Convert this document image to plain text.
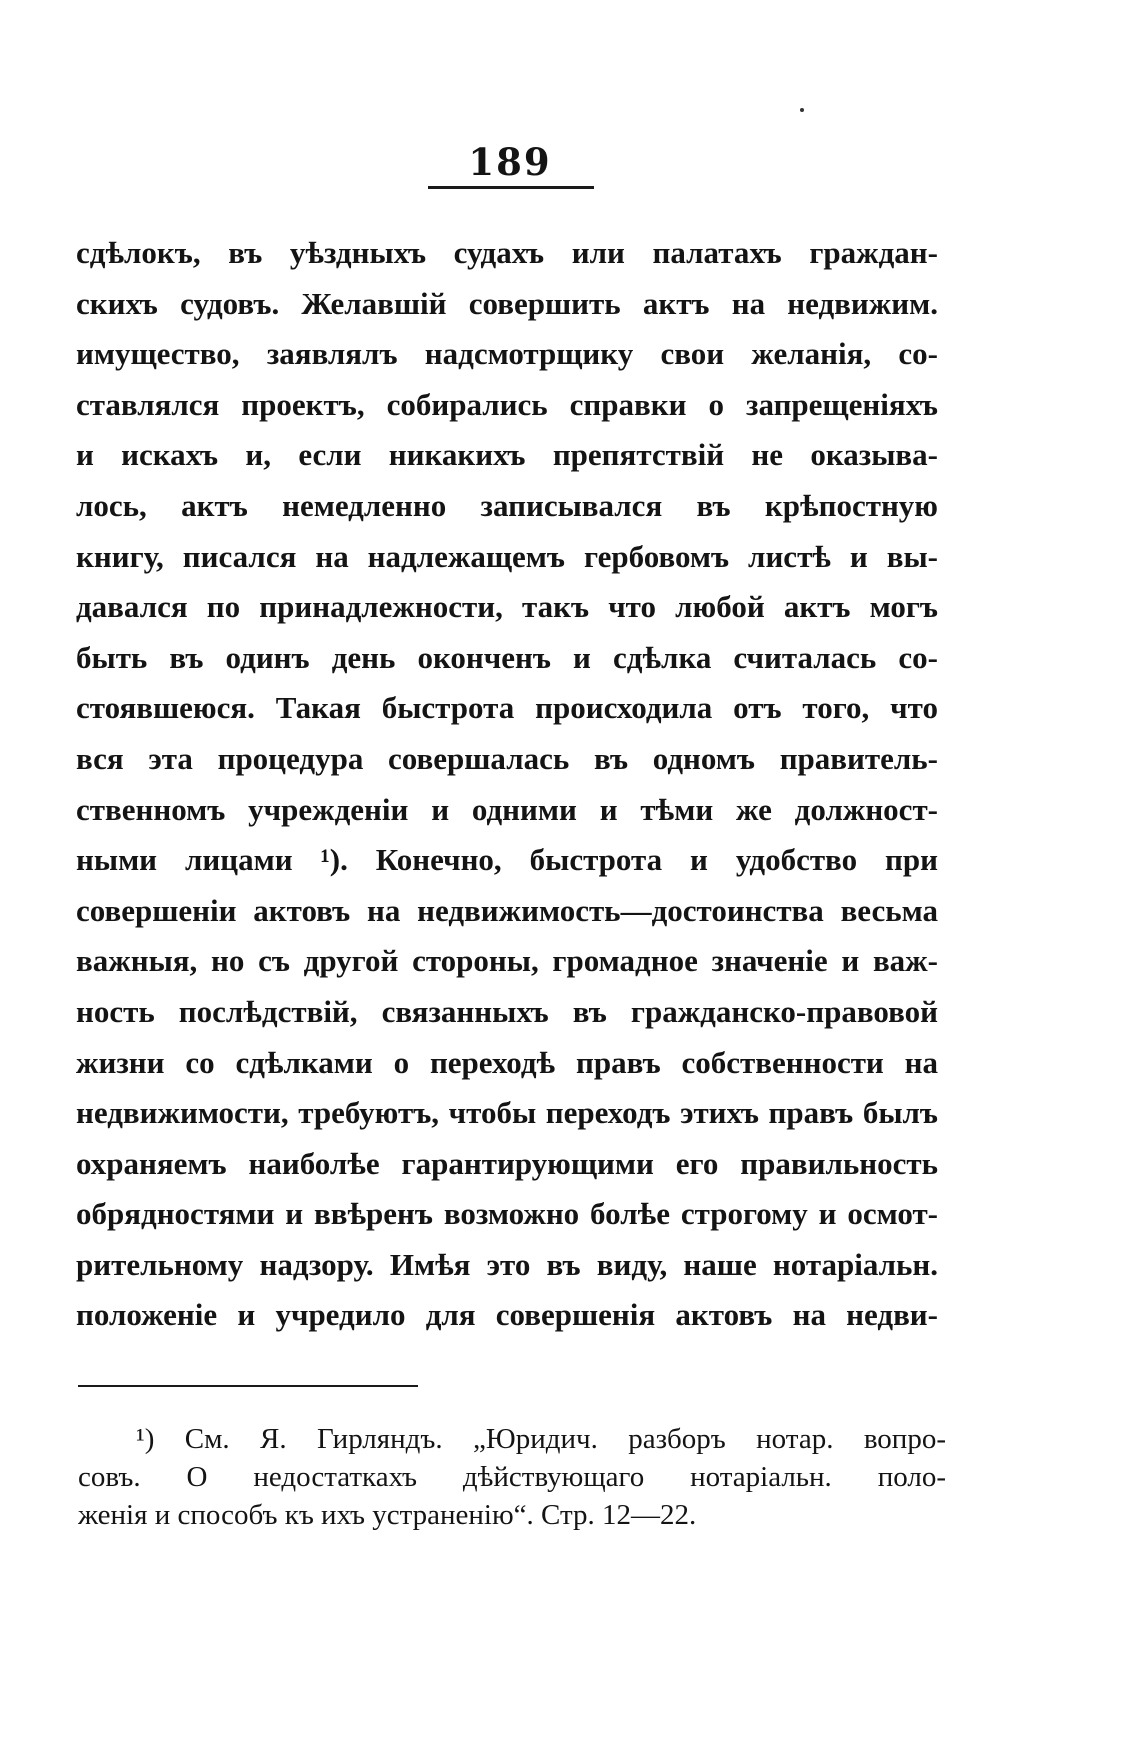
189
сдѣлокъ, въ уѣздныхъ судахъ или палатахъ граждан-
скихъ судовъ. Желавшій совершить актъ на недвижим.
имущество, заявлялъ надсмотрщику свои желанія, со-
ставлялся проектъ, собирались справки о запрещеніяхъ
и искахъ и, если никакихъ препятствій не оказыва-
лось, актъ немедленно записывался въ крѣпостную
книгу, писался на надлежащемъ гербовомъ листѣ и вы-
давался по принадлежности, такъ что любой актъ могъ
быть въ одинъ день оконченъ и сдѣлка считалась со-
стоявшеюся. Такая быстрота происходила отъ того, что
вся эта процедура совершалась въ одномъ правитель-
ственномъ учрежденіи и одними и тѣми же должност-
ными лицами ¹). Конечно, быстрота и удобство при
совершеніи актовъ на недвижимость—достоинства весьма
важныя, но съ другой стороны, громадное значеніе и важ-
ность послѣдствій, связанныхъ въ гражданско-правовой
жизни со сдѣлками о переходѣ правъ собственности на
недвижимости, требуютъ, чтобы переходъ этихъ правъ былъ
охраняемъ наиболѣе гарантирующими его правильность
обрядностями и ввѣренъ возможно болѣе строгому и осмот-
рительному надзору. Имѣя это въ виду, наше нотаріальн.
положеніе и учредило для совершенія актовъ на недви-
¹) См. Я. Гирляндъ. „Юридич. разборъ нотар. вопро-
совъ. О недостаткахъ дѣйствующаго нотаріальн. поло-
женія и способъ къ ихъ устраненію“. Стр. 12—22.
